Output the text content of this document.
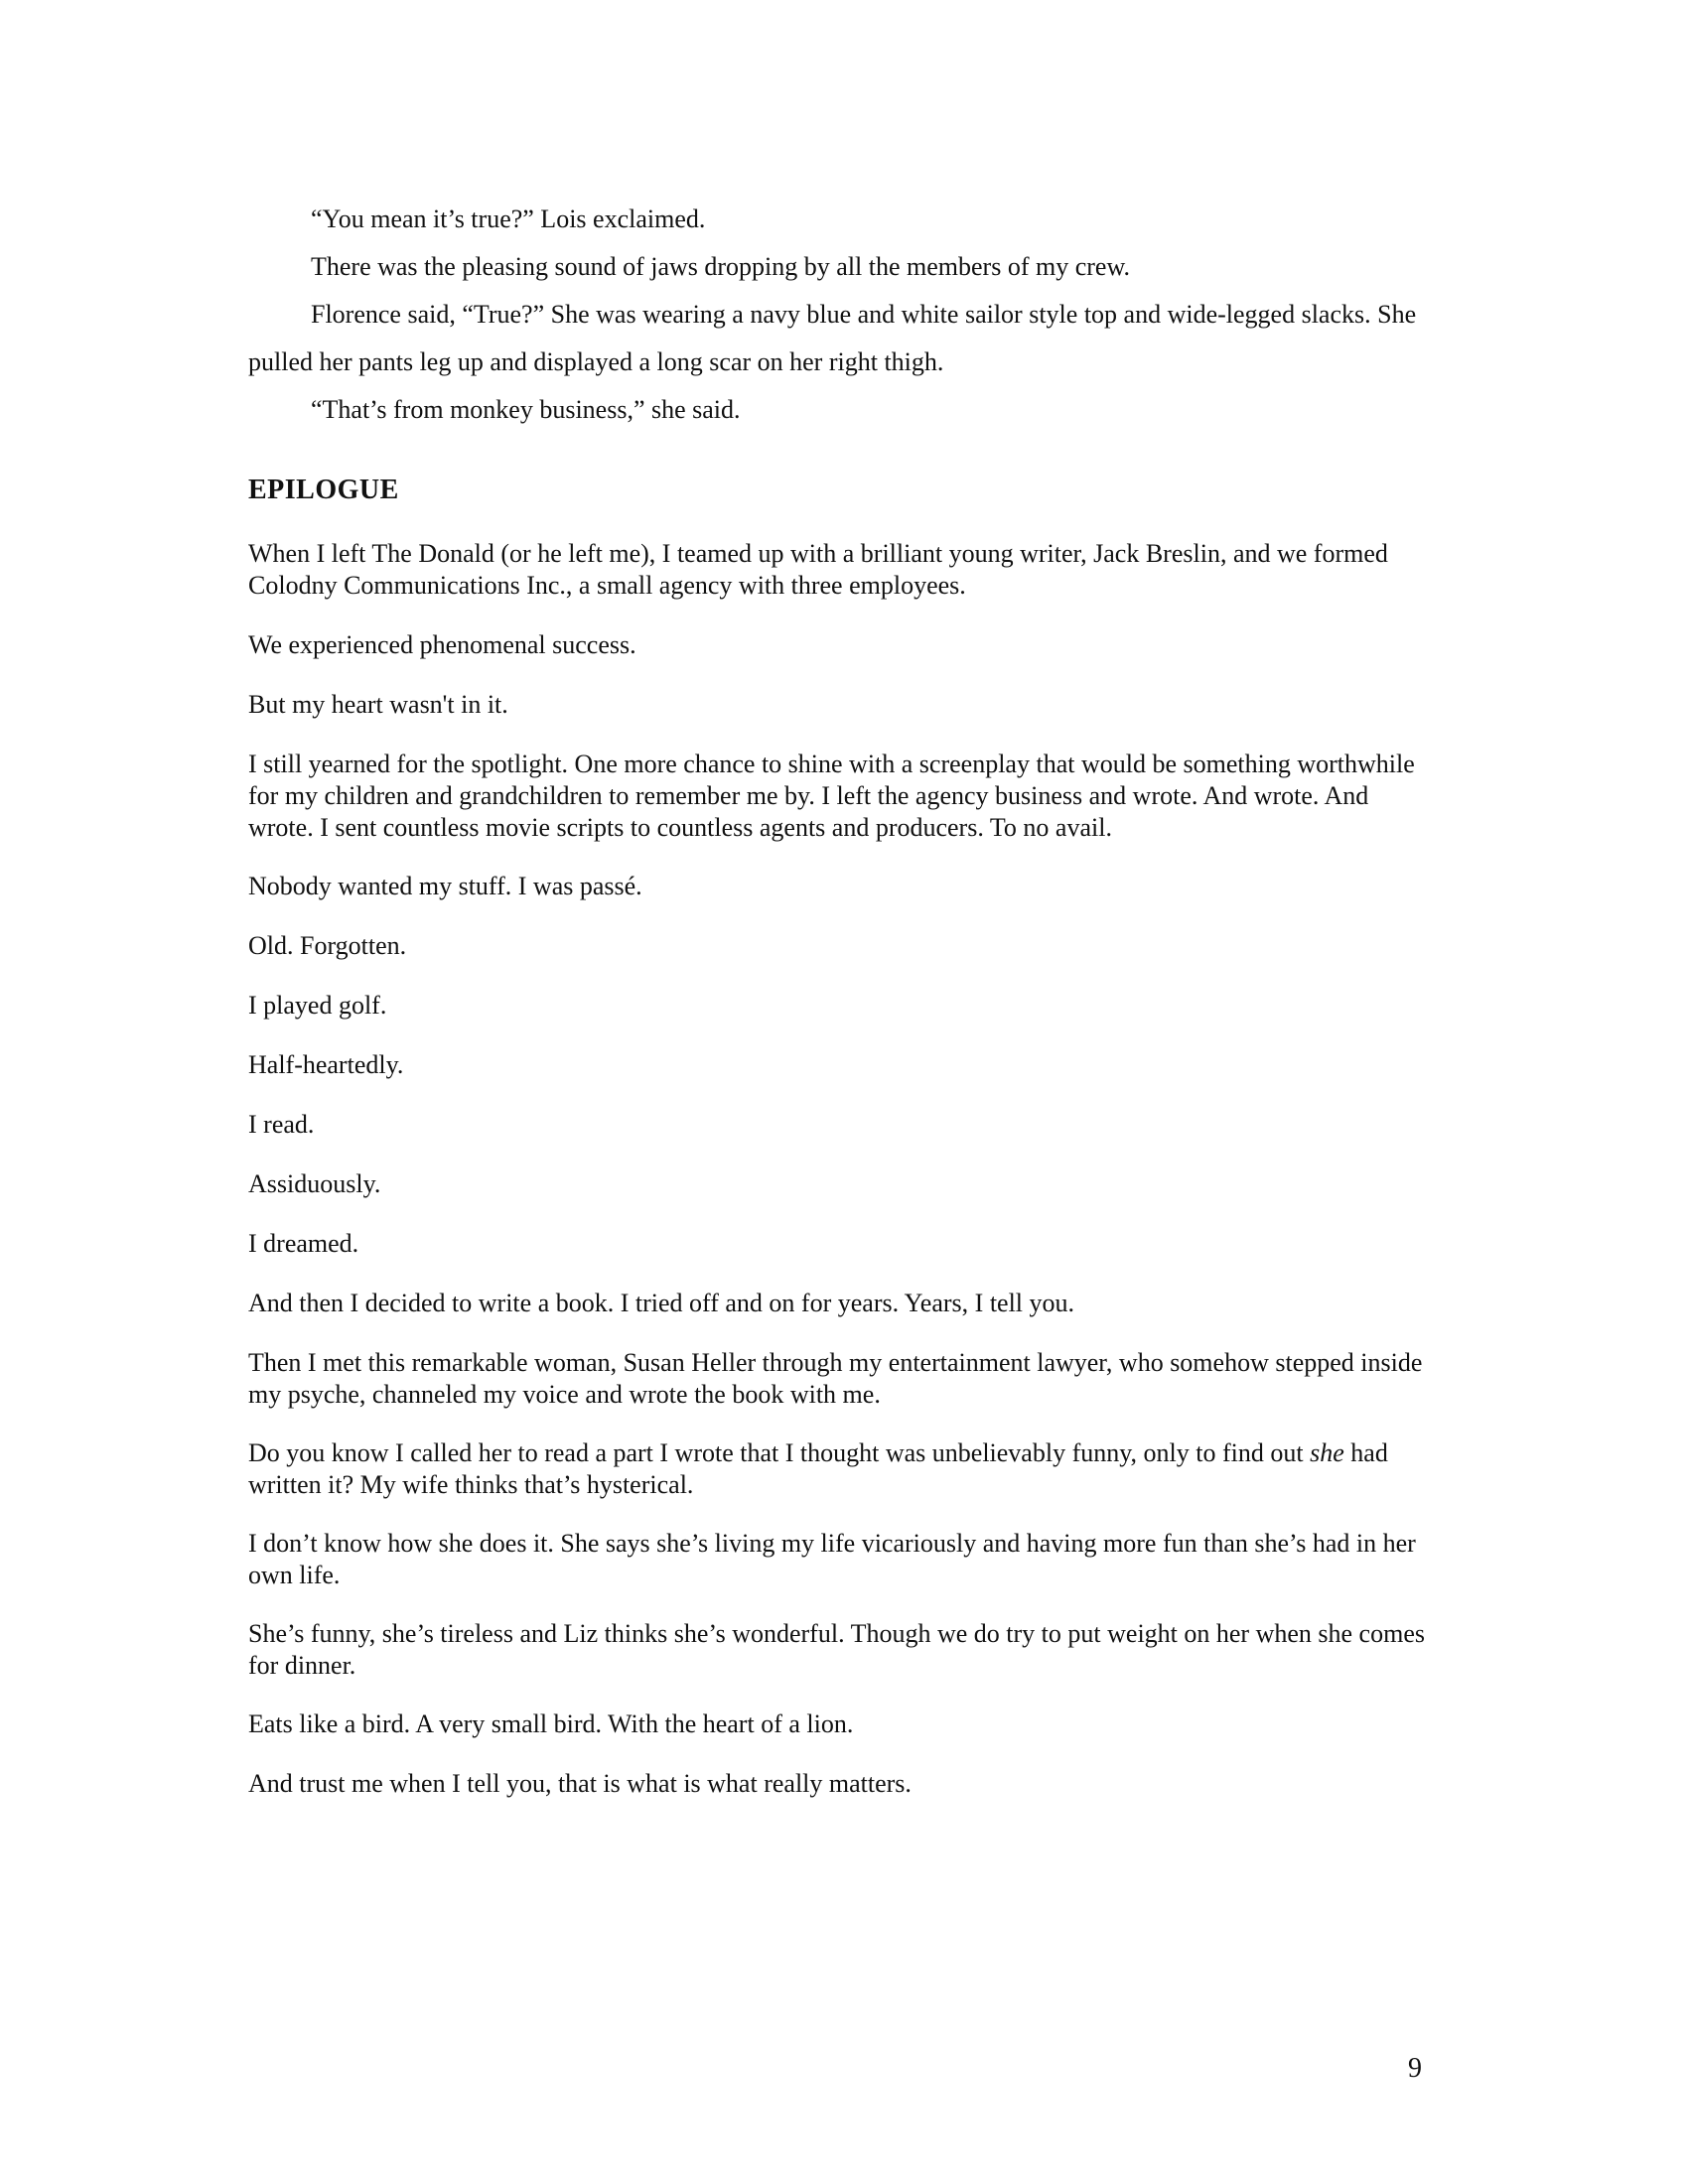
“You mean it’s true?” Lois exclaimed.

There was the pleasing sound of jaws dropping by all the members of my crew.

Florence said, “True?” She was wearing a navy blue and white sailor style top and wide-legged slacks. She pulled her pants leg up and displayed a long scar on her right thigh.

“That’s from monkey business,” she said.

EPILOGUE

When I left The Donald (or he left me), I teamed up with a brilliant young writer, Jack Breslin, and we formed Colodny Communications Inc., a small agency with three employees.

We experienced phenomenal success.

But my heart wasn't in it.

I still yearned for the spotlight. One more chance to shine with a screenplay that would be something worthwhile for my children and grandchildren to remember me by. I left the agency business and wrote. And wrote. And wrote. I sent countless movie scripts to countless agents and producers. To no avail.

Nobody wanted my stuff. I was passé.

Old. Forgotten.

I played golf.

Half-heartedly.

I read.

Assiduously.

I dreamed.

And then I decided to write a book. I tried off and on for years. Years, I tell you.

Then I met this remarkable woman, Susan Heller through my entertainment lawyer, who somehow stepped inside my psyche, channeled my voice and wrote the book with me.

Do you know I called her to read a part I wrote that I thought was unbelievably funny, only to find out she had written it? My wife thinks that’s hysterical.

I don’t know how she does it. She says she’s living my life vicariously and having more fun than she’s had in her own life.

She’s funny, she’s tireless and Liz thinks she’s wonderful. Though we do try to put weight on her when she comes for dinner.

Eats like a bird. A very small bird. With the heart of a lion.

And trust me when I tell you, that is what is what really matters.

9
